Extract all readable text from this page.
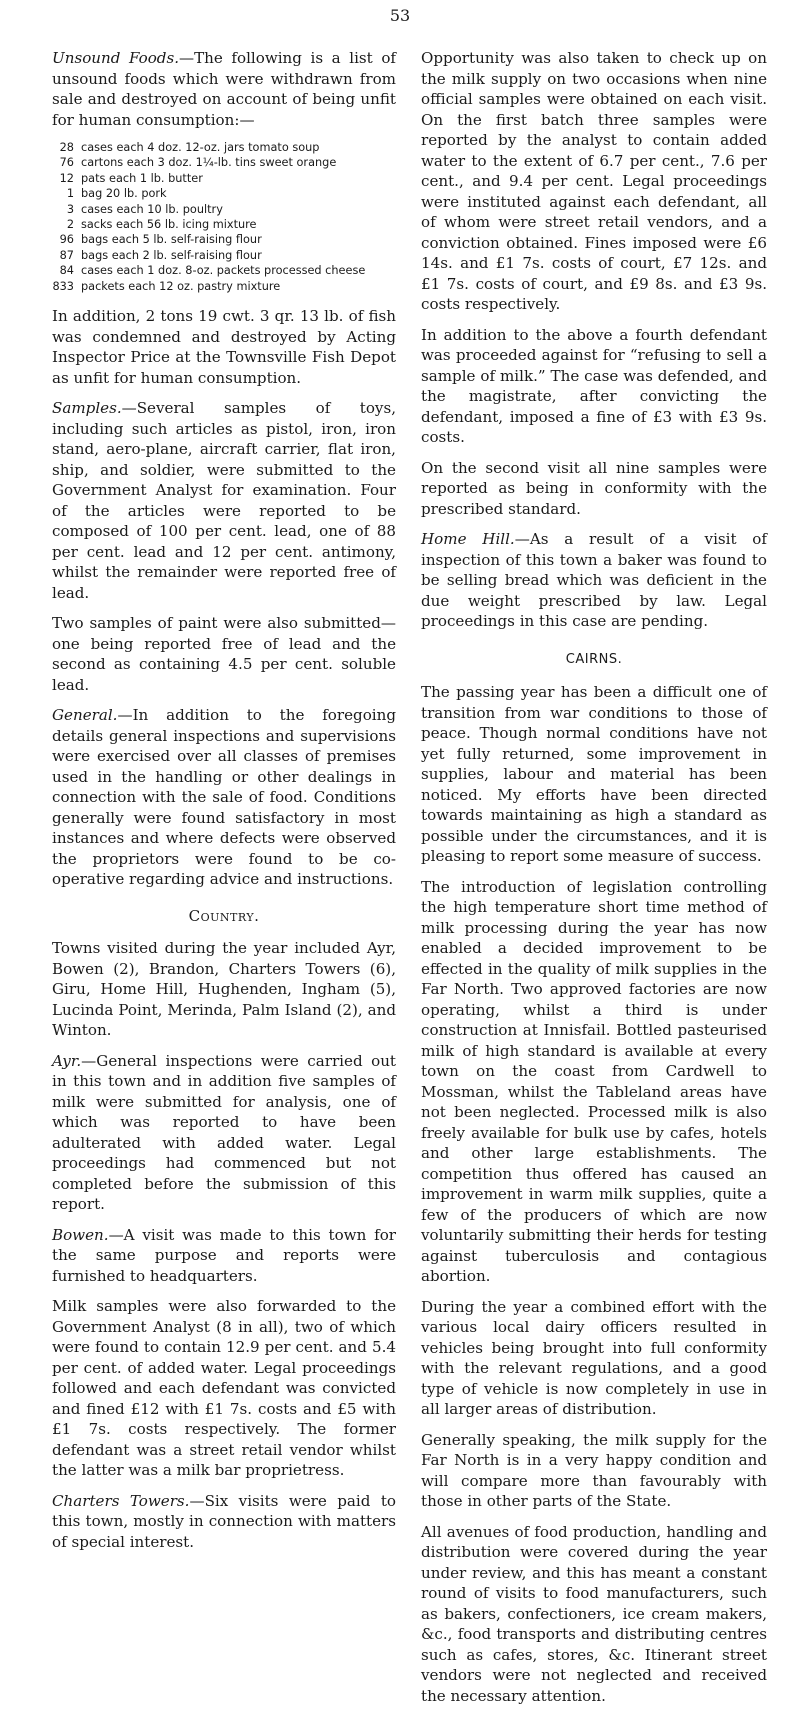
53

Unsound Foods.—The following is a list of unsound foods which were withdrawn from sale and destroyed on account of being unfit for human consumption:—

28 cases each 4 doz. 12-oz. jars tomato soup
76 cartons each 3 doz. 1¼-lb. tins sweet orange
12 pats each 1 lb. butter
1 bag 20 lb. pork
3 cases each 10 lb. poultry
2 sacks each 56 lb. icing mixture
96 bags each 5 lb. self-raising flour
87 bags each 2 lb. self-raising flour
84 cases each 1 doz. 8-oz. packets processed cheese
833 packets each 12 oz. pastry mixture

In addition, 2 tons 19 cwt. 3 qr. 13 lb. of fish was condemned and destroyed by Acting Inspector Price at the Townsville Fish Depot as unfit for human consumption.

Samples.—Several samples of toys, including such articles as pistol, iron, iron stand, aero-plane, aircraft carrier, flat iron, ship, and soldier, were submitted to the Government Analyst for examination. Four of the articles were reported to be composed of 100 per cent. lead, one of 88 per cent. lead and 12 per cent. antimony, whilst the remainder were reported free of lead.

Two samples of paint were also submitted—one being reported free of lead and the second as containing 4.5 per cent. soluble lead.

General.—In addition to the foregoing details general inspections and supervisions were exercised over all classes of premises used in the handling or other dealings in connection with the sale of food. Conditions generally were found satisfactory in most instances and where defects were observed the proprietors were found to be co-operative regarding advice and instructions.

Country.

Towns visited during the year included Ayr, Bowen (2), Brandon, Charters Towers (6), Giru, Home Hill, Hughenden, Ingham (5), Lucinda Point, Merinda, Palm Island (2), and Winton.

Ayr.—General inspections were carried out in this town and in addition five samples of milk were submitted for analysis, one of which was reported to have been adulterated with added water. Legal proceedings had commenced but not completed before the submission of this report.

Bowen.—A visit was made to this town for the same purpose and reports were furnished to headquarters.

Milk samples were also forwarded to the Government Analyst (8 in all), two of which were found to contain 12.9 per cent. and 5.4 per cent. of added water. Legal proceedings followed and each defendant was convicted and fined £12 with £1 7s. costs and £5 with £1 7s. costs respectively. The former defendant was a street retail vendor whilst the latter was a milk bar proprietress.

Charters Towers.—Six visits were paid to this town, mostly in connection with matters of special interest.

Opportunity was also taken to check up on the milk supply on two occasions when nine official samples were obtained on each visit. On the first batch three samples were reported by the analyst to contain added water to the extent of 6.7 per cent., 7.6 per cent., and 9.4 per cent. Legal proceedings were instituted against each defendant, all of whom were street retail vendors, and a conviction obtained. Fines imposed were £6 14s. and £1 7s. costs of court, £7 12s. and £1 7s. costs of court, and £9 8s. and £3 9s. costs respectively.

In addition to the above a fourth defendant was proceeded against for “refusing to sell a sample of milk.” The case was defended, and the magistrate, after convicting the defendant, imposed a fine of £3 with £3 9s. costs.

On the second visit all nine samples were reported as being in conformity with the prescribed standard.

Home Hill.—As a result of a visit of inspection of this town a baker was found to be selling bread which was deficient in the due weight prescribed by law. Legal proceedings in this case are pending.

CAIRNS.

The passing year has been a difficult one of transition from war conditions to those of peace. Though normal conditions have not yet fully returned, some improvement in supplies, labour and material has been noticed. My efforts have been directed towards maintaining as high a standard as possible under the circumstances, and it is pleasing to report some measure of success.

The introduction of legislation controlling the high temperature short time method of milk processing during the year has now enabled a decided improvement to be effected in the quality of milk supplies in the Far North. Two approved factories are now operating, whilst a third is under construction at Innisfail. Bottled pasteurised milk of high standard is available at every town on the coast from Cardwell to Mossman, whilst the Tableland areas have not been neglected. Processed milk is also freely available for bulk use by cafes, hotels and other large establishments. The competition thus offered has caused an improvement in warm milk supplies, quite a few of the producers of which are now voluntarily submitting their herds for testing against tuberculosis and contagious abortion.

During the year a combined effort with the various local dairy officers resulted in vehicles being brought into full conformity with the relevant regulations, and a good type of vehicle is now completely in use in all larger areas of distribution.

Generally speaking, the milk supply for the Far North is in a very happy condition and will compare more than favourably with those in other parts of the State.

All avenues of food production, handling and distribution were covered during the year under review, and this has meant a constant round of visits to food manufacturers, such as bakers, confectioners, ice cream makers, &c., food transports and distributing centres such as cafes, stores, &c. Itinerant street vendors were not neglected and received the necessary attention.
